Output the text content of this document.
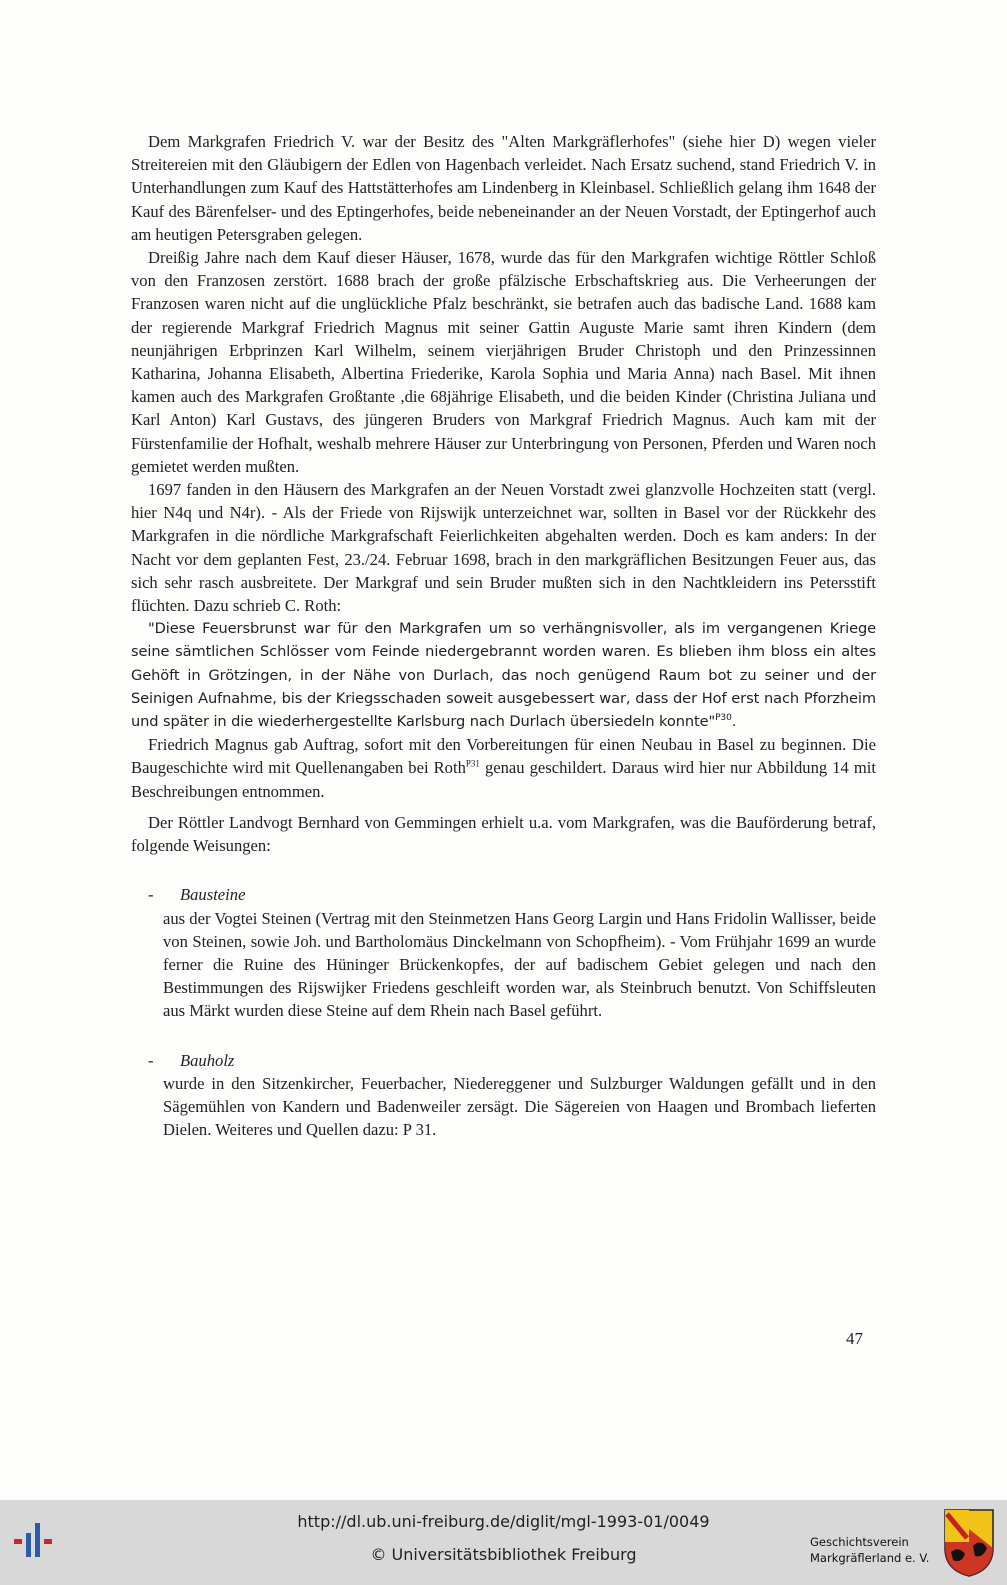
Dem Markgrafen Friedrich V. war der Besitz des "Alten Markgräflerhofes" (siehe hier D) wegen vieler Streitereien mit den Gläubigern der Edlen von Hagenbach verleidet. Nach Ersatz suchend, stand Friedrich V. in Unterhandlungen zum Kauf des Hattstätterhofes am Lindenberg in Kleinbasel. Schließlich gelang ihm 1648 der Kauf des Bärenfelser- und des Eptingerhofes, beide nebeneinander an der Neuen Vorstadt, der Eptingerhof auch am heutigen Petersgraben gelegen.

Dreißig Jahre nach dem Kauf dieser Häuser, 1678, wurde das für den Markgrafen wichtige Röttler Schloß von den Franzosen zerstört. 1688 brach der große pfälzische Erbschaftskrieg aus. Die Verheerungen der Franzosen waren nicht auf die unglückliche Pfalz beschränkt, sie betrafen auch das badische Land. 1688 kam der regierende Markgraf Friedrich Magnus mit seiner Gattin Auguste Marie samt ihren Kindern (dem neunjährigen Erbprinzen Karl Wilhelm, seinem vierjährigen Bruder Christoph und den Prinzessinnen Katharina, Johanna Elisabeth, Albertina Friederike, Karola Sophia und Maria Anna) nach Basel. Mit ihnen kamen auch des Markgrafen Großtante ,die 68jährige Elisabeth, und die beiden Kinder (Christina Juliana und Karl Anton) Karl Gustavs, des jüngeren Bruders von Markgraf Friedrich Magnus. Auch kam mit der Fürstenfamilie der Hofhalt, weshalb mehrere Häuser zur Unterbringung von Personen, Pferden und Waren noch gemietet werden mußten.

1697 fanden in den Häusern des Markgrafen an der Neuen Vorstadt zwei glanzvolle Hochzeiten statt (vergl. hier N4q und N4r). - Als der Friede von Rijswijk unterzeichnet war, sollten in Basel vor der Rückkehr des Markgrafen in die nördliche Markgrafschaft Feierlichkeiten abgehalten werden. Doch es kam anders: In der Nacht vor dem geplanten Fest, 23./24. Februar 1698, brach in den markgräflichen Besitzungen Feuer aus, das sich sehr rasch ausbreitete. Der Markgraf und sein Bruder mußten sich in den Nachtkleidern ins Petersstift flüchten. Dazu schrieb C. Roth:

"Diese Feuersbrunst war für den Markgrafen um so verhängnisvoller, als im vergangenen Kriege seine sämtlichen Schlösser vom Feinde niedergebrannt worden waren. Es blieben ihm bloss ein altes Gehöft in Grötzingen, in der Nähe von Durlach, das noch genügend Raum bot zu seiner und der Seinigen Aufnahme, bis der Kriegsschaden soweit ausgebessert war, dass der Hof erst nach Pforzheim und später in die wiederhergestellte Karlsburg nach Durlach übersiedeln konnte"$^{P30}$.

Friedrich Magnus gab Auftrag, sofort mit den Vorbereitungen für einen Neubau in Basel zu beginnen. Die Baugeschichte wird mit Quellenangaben bei Roth$^{P31}$ genau geschildert. Daraus wird hier nur Abbildung 14 mit Beschreibungen entnommen.

Der Röttler Landvogt Bernhard von Gemmingen erhielt u.a. vom Markgrafen, was die Bauförderung betraf, folgende Weisungen:

-	Bausteine
aus der Vogtei Steinen (Vertrag mit den Steinmetzen Hans Georg Largin und Hans Fridolin Wallisser, beide von Steinen, sowie Joh. und Bartholomäus Dinckelmann von Schopfheim). - Vom Frühjahr 1699 an wurde ferner die Ruine des Hüninger Brückenkopfes, der auf badischem Gebiet gelegen und nach den Bestimmungen des Rijswijker Friedens geschleift worden war, als Steinbruch benutzt. Von Schiffsleuten aus Märkt wurden diese Steine auf dem Rhein nach Basel geführt.

-	Bauholz
wurde in den Sitzenkircher, Feuerbacher, Niedereggener und Sulzburger Waldungen gefällt und in den Sägemühlen von Kandern und Badenweiler zersägt. Die Sägereien von Haagen und Brombach lieferten Dielen. Weiteres und Quellen dazu: P 31.

47
http://dl.ub.uni-freiburg.de/diglit/mgl-1993-01/0049
© Universitätsbibliothek Freiburg
Geschichtsverein
Markgräflerland e. V.
